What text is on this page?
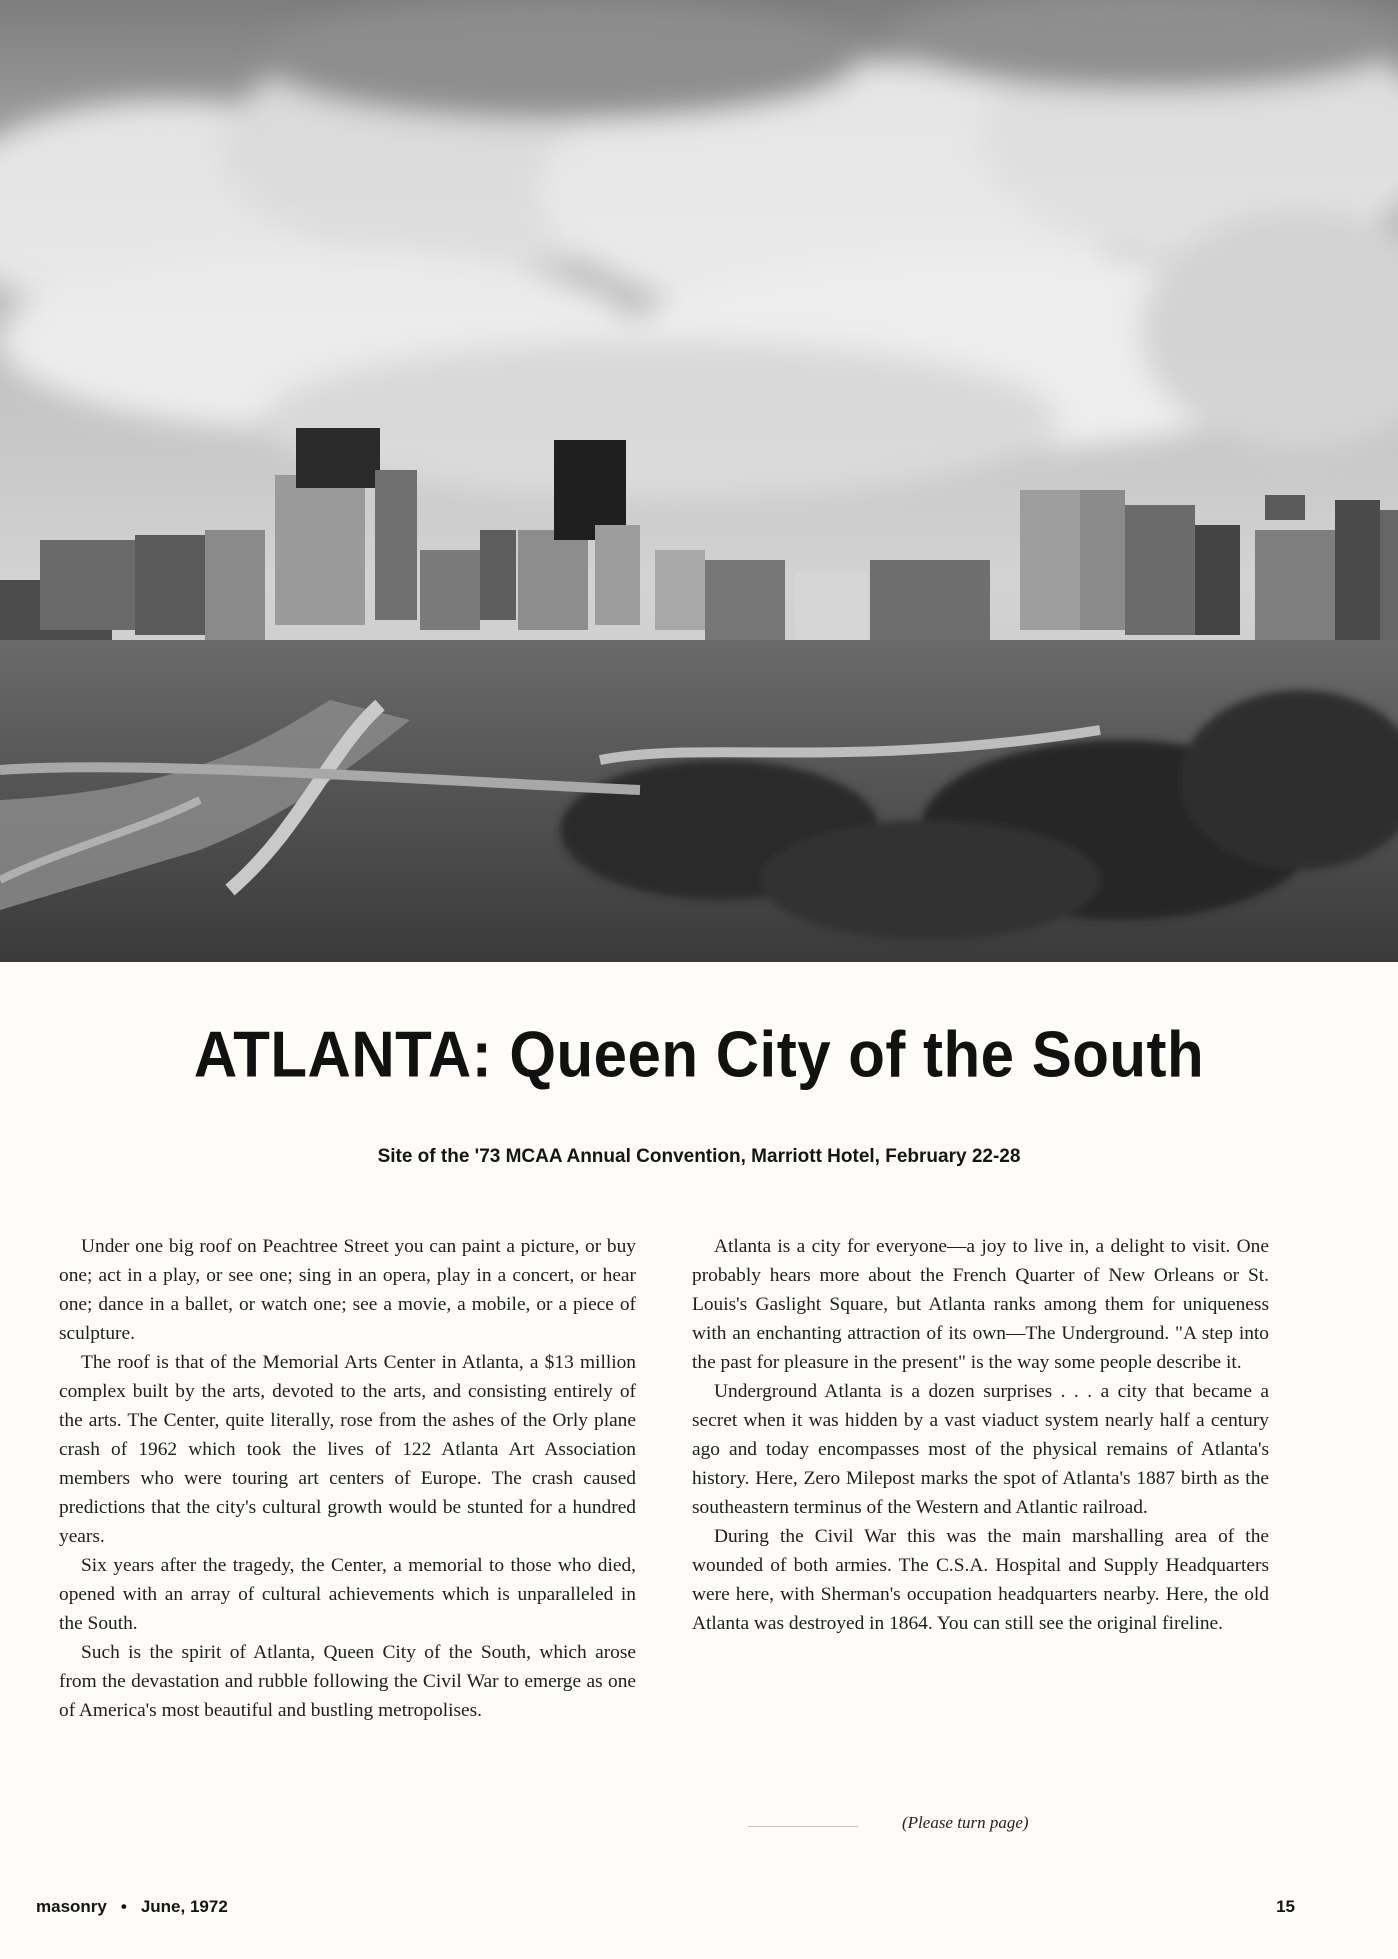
ATLANTA: Queen City of the South
Site of the '73 MCAA Annual Convention, Marriott Hotel, February 22-28

Under one big roof on Peachtree Street you can paint a picture, or buy one; act in a play, or see one; sing in an opera, play in a concert, or hear one; dance in a ballet, or watch one; see a movie, a mobile, or a piece of sculpture.

The roof is that of the Memorial Arts Center in Atlanta, a $13 million complex built by the arts, devoted to the arts, and consisting entirely of the arts. The Center, quite literally, rose from the ashes of the Orly plane crash of 1962 which took the lives of 122 Atlanta Art Association members who were touring art centers of Europe. The crash caused predictions that the city's cultural growth would be stunted for a hundred years.

Six years after the tragedy, the Center, a memorial to those who died, opened with an array of cultural achievements which is unparalleled in the South.

Such is the spirit of Atlanta, Queen City of the South, which arose from the devastation and rubble following the Civil War to emerge as one of America's most beautiful and bustling metropolises.

Atlanta is a city for everyone—a joy to live in, a delight to visit. One probably hears more about the French Quarter of New Orleans or St. Louis's Gaslight Square, but Atlanta ranks among them for uniqueness with an enchanting attraction of its own—The Underground. "A step into the past for pleasure in the present" is the way some people describe it.

Underground Atlanta is a dozen surprises . . . a city that became a secret when it was hidden by a vast viaduct system nearly half a century ago and today encompasses most of the physical remains of Atlanta's history. Here, Zero Milepost marks the spot of Atlanta's 1887 birth as the southeastern terminus of the Western and Atlantic railroad.

During the Civil War this was the main marshalling area of the wounded of both armies. The C.S.A. Hospital and Supply Headquarters were here, with Sherman's occupation headquarters nearby. Here, the old Atlanta was destroyed in 1864. You can still see the original fireline.

(Please turn page)
masonry • June, 1972	15
